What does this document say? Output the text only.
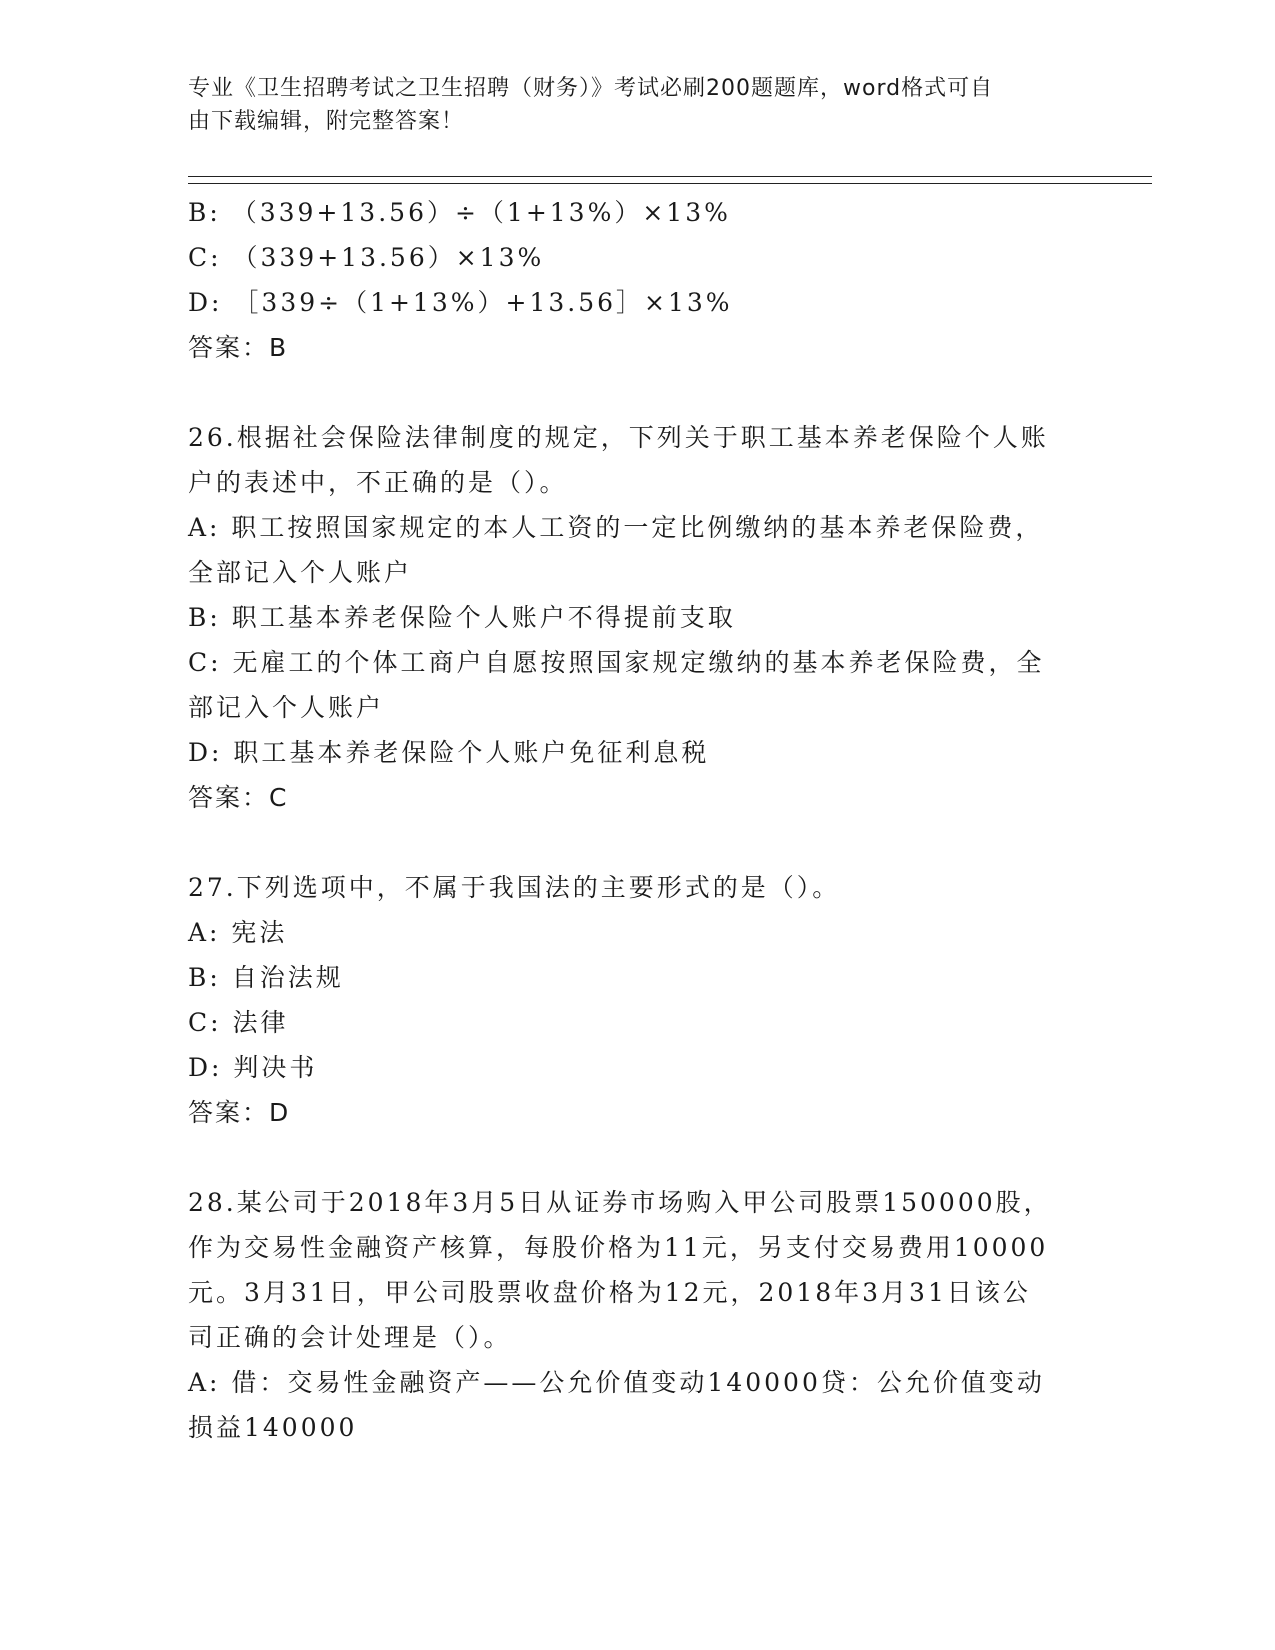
专业《卫生招聘考试之卫生招聘（财务）》考试必刷200题题库，word格式可自
由下载编辑，附完整答案！
B: （339+13.56）÷（1+13%）×13%
C: （339+13.56）×13%
D: ［339÷（1+13%）+13.56］×13%
答案：B
26.根据社会保险法律制度的规定，下列关于职工基本养老保险个人账
户的表述中，不正确的是（）。
A: 职工按照国家规定的本人工资的一定比例缴纳的基本养老保险费，
全部记入个人账户
B: 职工基本养老保险个人账户不得提前支取
C: 无雇工的个体工商户自愿按照国家规定缴纳的基本养老保险费，全
部记入个人账户
D: 职工基本养老保险个人账户免征利息税
答案：C
27.下列选项中，不属于我国法的主要形式的是（）。
A: 宪法
B: 自治法规
C: 法律
D: 判决书
答案：D
28.某公司于2018年3月5日从证券市场购入甲公司股票150000股，
作为交易性金融资产核算，每股价格为11元，另支付交易费用10000
元。3月31日，甲公司股票收盘价格为12元，2018年3月31日该公
司正确的会计处理是（）。
A: 借：交易性金融资产——公允价值变动140000贷：公允价值变动
损益140000
